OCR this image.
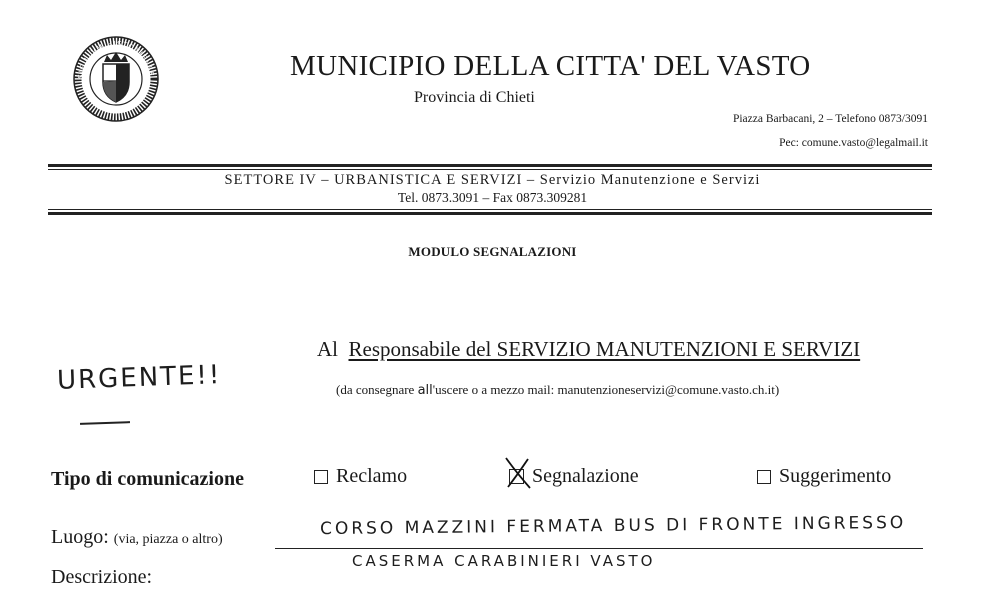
SIGILLVM HISTONIENSE	MUNICIPIO DELLA CITTA' DEL VASTO
Provincia di Chieti
Piazza Barbacani, 2 – Telefono 0873/3091
Pec: comune.vasto@legalmail.it
SETTORE IV – URBANISTICA E SERVIZI – Servizio Manutenzione e Servizi
Tel. 0873.3091 – Fax 0873.309281
MODULO SEGNALAZIONI
Al Responsabile del SERVIZIO MANUTENZIONI E SERVIZI
(da consegnare all'uscere o a mezzo mail: manutenzioneservizi@comune.vasto.ch.it)
URGENTE!!
Tipo di comunicazione	Reclamo	Segnalazione	Suggerimento
Luogo: (via, piazza o altro)
CORSO MAZZINI FERMATA BUS DI FRONTE INGRESSO
CASERMA CARABINIERI VASTO
Descrizione:
